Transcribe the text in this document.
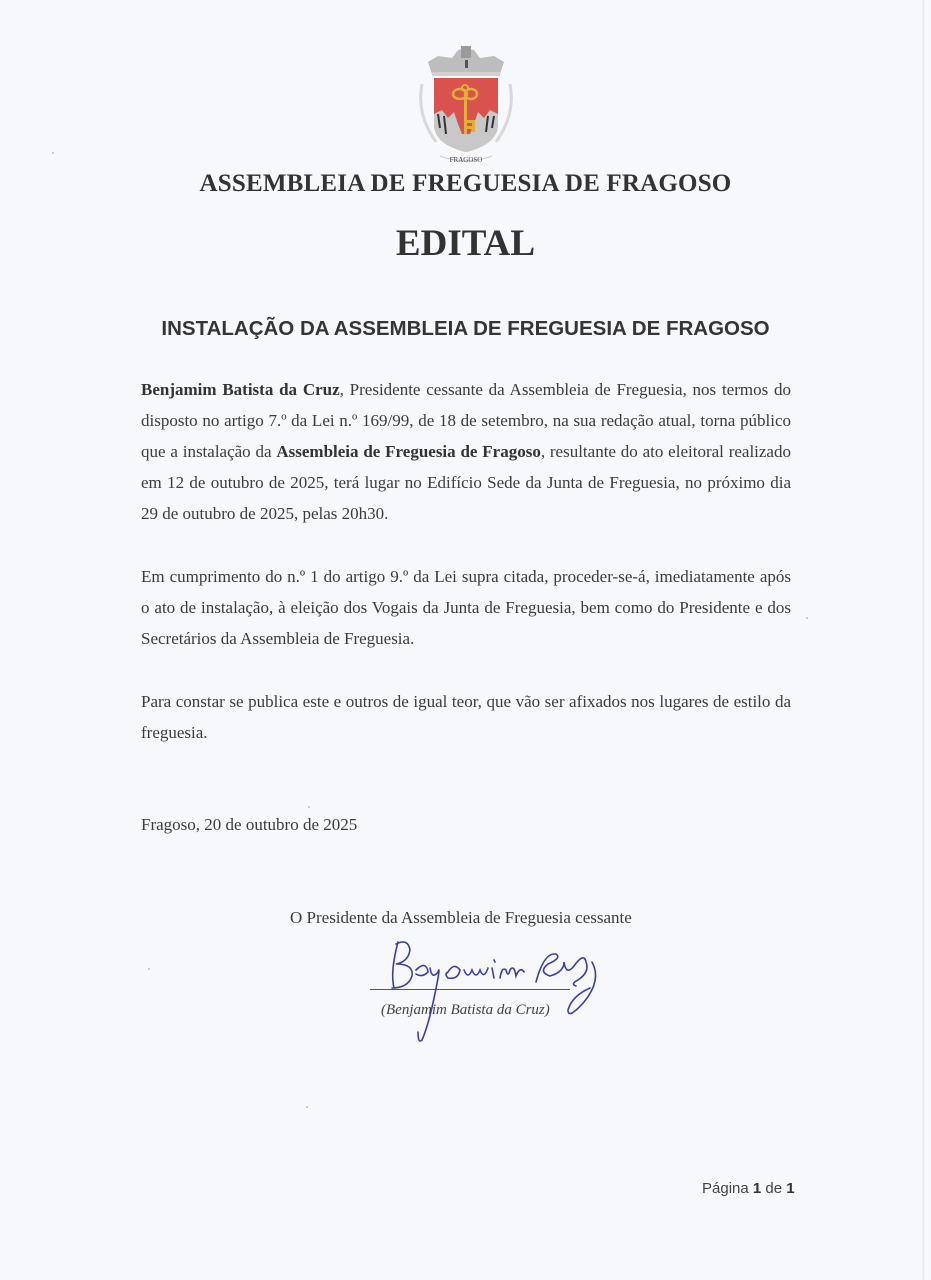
FRAGOSO
ASSEMBLEIA DE FREGUESIA DE FRAGOSO
EDITAL
INSTALAÇÃO DA ASSEMBLEIA DE FREGUESIA DE FRAGOSO
Benjamim Batista da Cruz, Presidente cessante da Assembleia de Freguesia, nos termos do disposto no artigo 7.º da Lei n.º 169/99, de 18 de setembro, na sua redação atual, torna público que a instalação da Assembleia de Freguesia de Fragoso, resultante do ato eleitoral realizado em 12 de outubro de 2025, terá lugar no Edifício Sede da Junta de Freguesia, no próximo dia 29 de outubro de 2025, pelas 20h30.
Em cumprimento do n.º 1 do artigo 9.º da Lei supra citada, proceder-se-á, imediatamente após o ato de instalação, à eleição dos Vogais da Junta de Freguesia, bem como do Presidente e dos Secretários da Assembleia de Freguesia.
Para constar se publica este e outros de igual teor, que vão ser afixados nos lugares de estilo da freguesia.
Fragoso, 20 de outubro de 2025
O Presidente da Assembleia de Freguesia cessante
(Benjamim Batista da Cruz)
Página 1 de 1
